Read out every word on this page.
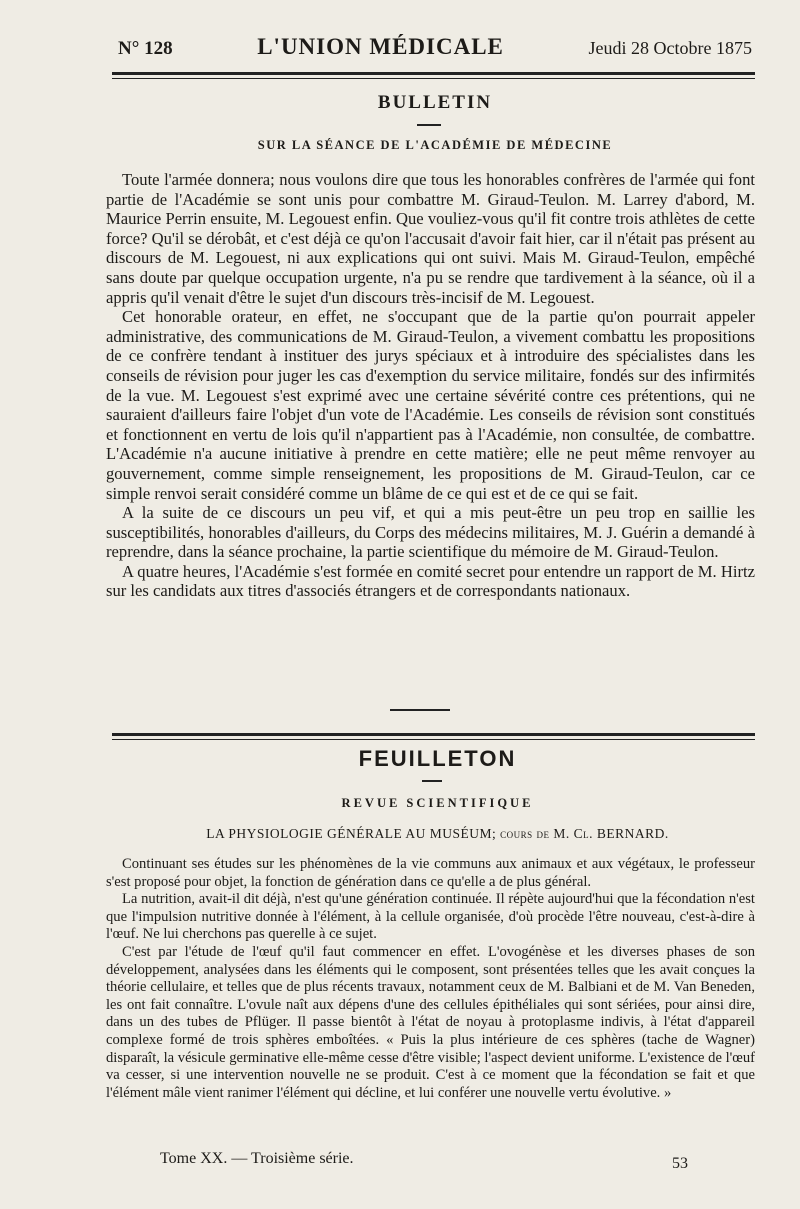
N° 128	L'UNION MÉDICALE	Jeudi 28 Octobre 1875
BULLETIN
SUR LA SÉANCE DE L'ACADÉMIE DE MÉDECINE

Toute l'armée donnera; nous voulons dire que tous les honorables confrères de l'armée qui font partie de l'Académie se sont unis pour combattre M. Giraud-Teulon. M. Larrey d'abord, M. Maurice Perrin ensuite, M. Legouest enfin. Que vouliez-vous qu'il fit contre trois athlètes de cette force? Qu'il se dérobât, et c'est déjà ce qu'on l'accusait d'avoir fait hier, car il n'était pas présent au discours de M. Legouest, ni aux explications qui ont suivi. Mais M. Giraud-Teulon, empêché sans doute par quelque occupation urgente, n'a pu se rendre que tardivement à la séance, où il a appris qu'il venait d'être le sujet d'un discours très-incisif de M. Legouest.

Cet honorable orateur, en effet, ne s'occupant que de la partie qu'on pourrait appeler administrative, des communications de M. Giraud-Teulon, a vivement combattu les propositions de ce confrère tendant à instituer des jurys spéciaux et à introduire des spécialistes dans les conseils de révision pour juger les cas d'exemption du service militaire, fondés sur des infirmités de la vue. M. Legouest s'est exprimé avec une certaine sévérité contre ces prétentions, qui ne sauraient d'ailleurs faire l'objet d'un vote de l'Académie. Les conseils de révision sont constitués et fonctionnent en vertu de lois qu'il n'appartient pas à l'Académie, non consultée, de combattre. L'Académie n'a aucune initiative à prendre en cette matière; elle ne peut même renvoyer au gouvernement, comme simple renseignement, les propositions de M. Giraud-Teulon, car ce simple renvoi serait considéré comme un blâme de ce qui est et de ce qui se fait.

A la suite de ce discours un peu vif, et qui a mis peut-être un peu trop en saillie les susceptibilités, honorables d'ailleurs, du Corps des médecins militaires, M. J. Guérin a demandé à reprendre, dans la séance prochaine, la partie scientifique du mémoire de M. Giraud-Teulon.

A quatre heures, l'Académie s'est formée en comité secret pour entendre un rapport de M. Hirtz sur les candidats aux titres d'associés étrangers et de correspondants nationaux.

FEUILLETON
REVUE SCIENTIFIQUE
LA PHYSIOLOGIE GÉNÉRALE AU MUSÉUM; cours de M. Cl. BERNARD.

Continuant ses études sur les phénomènes de la vie communs aux animaux et aux végétaux, le professeur s'est proposé pour objet, la fonction de génération dans ce qu'elle a de plus général.

La nutrition, avait-il dit déjà, n'est qu'une génération continuée. Il répète aujourd'hui que la fécondation n'est que l'impulsion nutritive donnée à l'élément, à la cellule organisée, d'où procède l'être nouveau, c'est-à-dire à l'œuf. Ne lui cherchons pas querelle à ce sujet.

C'est par l'étude de l'œuf qu'il faut commencer en effet. L'ovogénèse et les diverses phases de son développement, analysées dans les éléments qui le composent, sont présentées telles que les avait conçues la théorie cellulaire, et telles que de plus récents travaux, notamment ceux de M. Balbiani et de M. Van Beneden, les ont fait connaître. L'ovule naît aux dépens d'une des cellules épithéliales qui sont sériées, pour ainsi dire, dans un des tubes de Pflüger. Il passe bientôt à l'état de noyau à protoplasme indivis, à l'état d'appareil complexe formé de trois sphères emboîtées. « Puis la plus intérieure de ces sphères (tache de Wagner) disparaît, la vésicule germinative elle-même cesse d'être visible; l'aspect devient uniforme. L'existence de l'œuf va cesser, si une intervention nouvelle ne se produit. C'est à ce moment que la fécondation se fait et que l'élément mâle vient ranimer l'élément qui décline, et lui conférer une nouvelle vertu évolutive. »

Tome XX. — Troisième série.	53
